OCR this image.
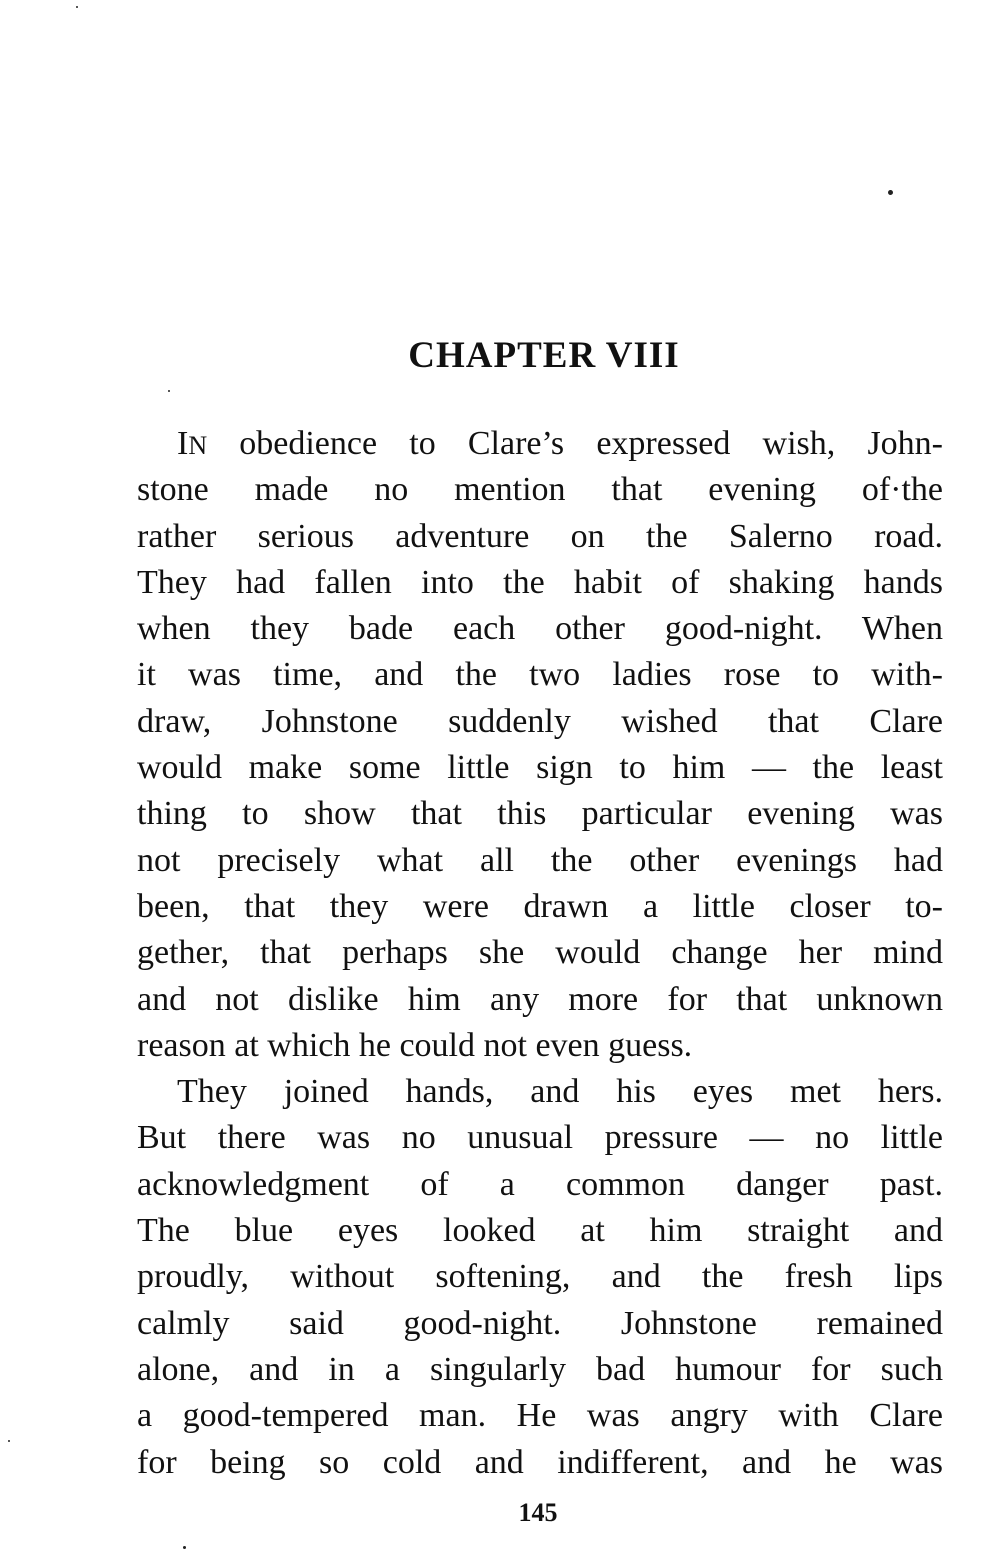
CHAPTER VIII
IN obedience to Clare’s expressed wish, John-
stone made no mention that evening of·the
rather serious adventure on the Salerno road.
They had fallen into the habit of shaking hands
when they bade each other good-night. When
it was time, and the two ladies rose to with-
draw, Johnstone suddenly wished that Clare
would make some little sign to him — the least
thing to show that this particular evening was
not precisely what all the other evenings had
been, that they were drawn a little closer to-
gether, that perhaps she would change her mind
and not dislike him any more for that unknown
reason at which he could not even guess.
They joined hands, and his eyes met hers.
But there was no unusual pressure — no little
acknowledgment of a common danger past.
The blue eyes looked at him straight and
proudly, without softening, and the fresh lips
calmly said good-night. Johnstone remained
alone, and in a singularly bad humour for such
a good-tempered man. He was angry with Clare
for being so cold and indifferent, and he was
145
